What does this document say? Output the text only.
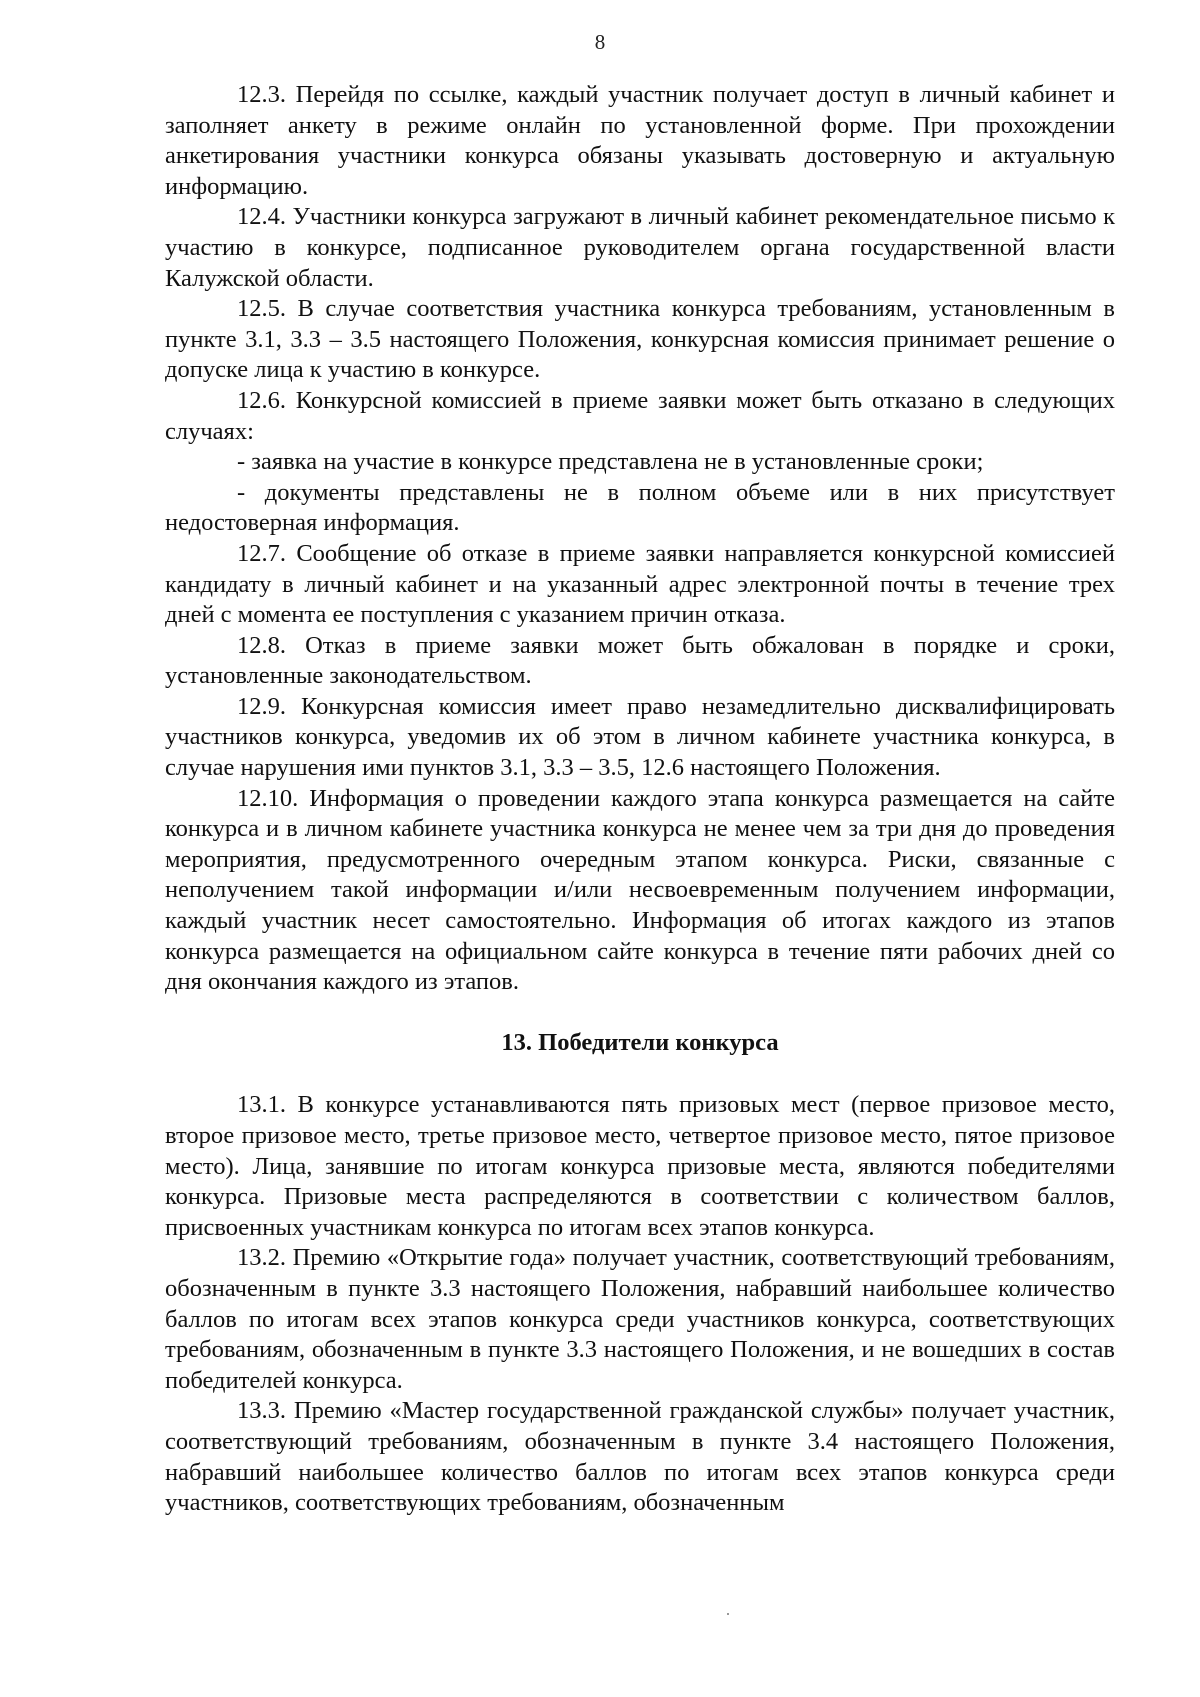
8

12.3. Перейдя по ссылке, каждый участник получает доступ в личный кабинет и заполняет анкету в режиме онлайн по установленной форме. При прохождении анкетирования участники конкурса обязаны указывать достоверную и актуальную информацию.

12.4. Участники конкурса загружают в личный кабинет рекомендательное письмо к участию в конкурсе, подписанное руководителем органа государственной власти Калужской области.

12.5. В случае соответствия участника конкурса требованиям, установленным в пункте 3.1, 3.3 – 3.5 настоящего Положения, конкурсная комиссия принимает решение о допуске лица к участию в конкурсе.

12.6. Конкурсной комиссией в приеме заявки может быть отказано в следующих случаях:

- заявка на участие в конкурсе представлена не в установленные сроки;

- документы представлены не в полном объеме или в них присутствует недостоверная информация.

12.7. Сообщение об отказе в приеме заявки направляется конкурсной комиссией кандидату в личный кабинет и на указанный адрес электронной почты в течение трех дней с момента ее поступления с указанием причин отказа.

12.8. Отказ в приеме заявки может быть обжалован в порядке и сроки, установленные законодательством.

12.9. Конкурсная комиссия имеет право незамедлительно дисквалифицировать участников конкурса, уведомив их об этом в личном кабинете участника конкурса, в случае нарушения ими пунктов 3.1, 3.3 – 3.5, 12.6 настоящего Положения.

12.10. Информация о проведении каждого этапа конкурса размещается на сайте конкурса и в личном кабинете участника конкурса не менее чем за три дня до проведения мероприятия, предусмотренного очередным этапом конкурса. Риски, связанные с неполучением такой информации и/или несвоевременным получением информации, каждый участник несет самостоятельно. Информация об итогах каждого из этапов конкурса размещается на официальном сайте конкурса в течение пяти рабочих дней со дня окончания каждого из этапов.

13. Победители конкурса

13.1. В конкурсе устанавливаются пять призовых мест (первое призовое место, второе призовое место, третье призовое место, четвертое призовое место, пятое призовое место). Лица, занявшие по итогам конкурса призовые места, являются победителями конкурса. Призовые места распределяются в соответствии с количеством баллов, присвоенных участникам конкурса по итогам всех этапов конкурса.

13.2. Премию «Открытие года» получает участник, соответствующий требованиям, обозначенным в пункте 3.3 настоящего Положения, набравший наибольшее количество баллов по итогам всех этапов конкурса среди участников конкурса, соответствующих требованиям, обозначенным в пункте 3.3 настоящего Положения, и не вошедших в состав победителей конкурса.

13.3. Премию «Мастер государственной гражданской службы» получает участник, соответствующий требованиям, обозначенным в пункте 3.4 настоящего Положения, набравший наибольшее количество баллов по итогам всех этапов конкурса среди участников, соответствующих требованиям, обозначенным
